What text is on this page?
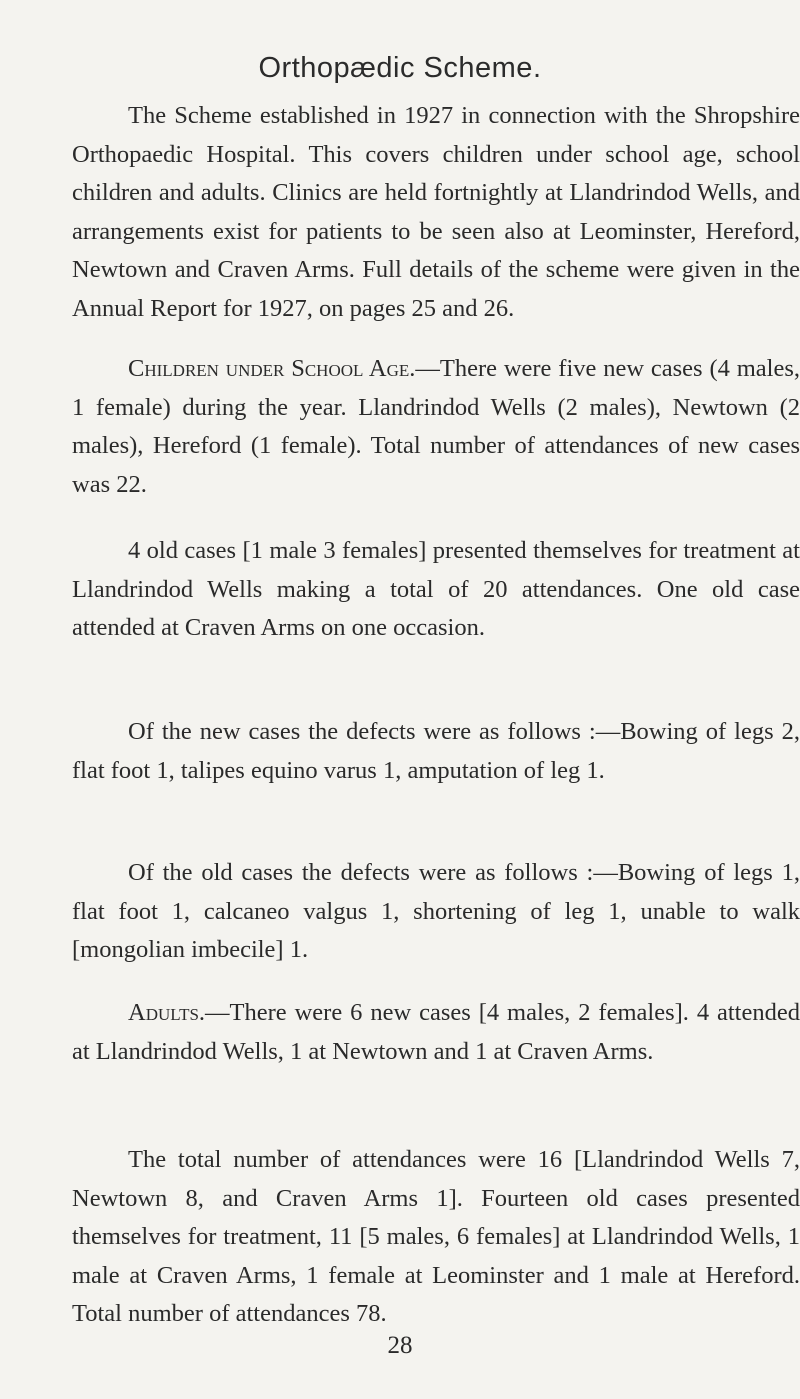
Orthopædic Scheme.

The Scheme established in 1927 in connection with the Shropshire Orthopaedic Hospital. This covers children under school age, school children and adults. Clinics are held fortnightly at Llandrindod Wells, and arrangements exist for patients to be seen also at Leominster, Hereford, Newtown and Craven Arms. Full details of the scheme were given in the Annual Report for 1927, on pages 25 and 26.

Children under School Age.—There were five new cases (4 males, 1 female) during the year. Llandrindod Wells (2 males), Newtown (2 males), Hereford (1 female). Total number of attendances of new cases was 22.

4 old cases [1 male 3 females] presented themselves for treatment at Llandrindod Wells making a total of 20 attendances. One old case attended at Craven Arms on one occasion.

Of the new cases the defects were as follows :—Bowing of legs 2, flat foot 1, talipes equino varus 1, amputation of leg 1.

Of the old cases the defects were as follows :—Bowing of legs 1, flat foot 1, calcaneo valgus 1, shortening of leg 1, unable to walk [mongolian imbecile] 1.

Adults.—There were 6 new cases [4 males, 2 females]. 4 attended at Llandrindod Wells, 1 at Newtown and 1 at Craven Arms.

The total number of attendances were 16 [Llandrindod Wells 7, Newtown 8, and Craven Arms 1]. Fourteen old cases presented themselves for treatment, 11 [5 males, 6 females] at Llandrindod Wells, 1 male at Craven Arms, 1 female at Leominster and 1 male at Hereford. Total number of attendances 78.

28
